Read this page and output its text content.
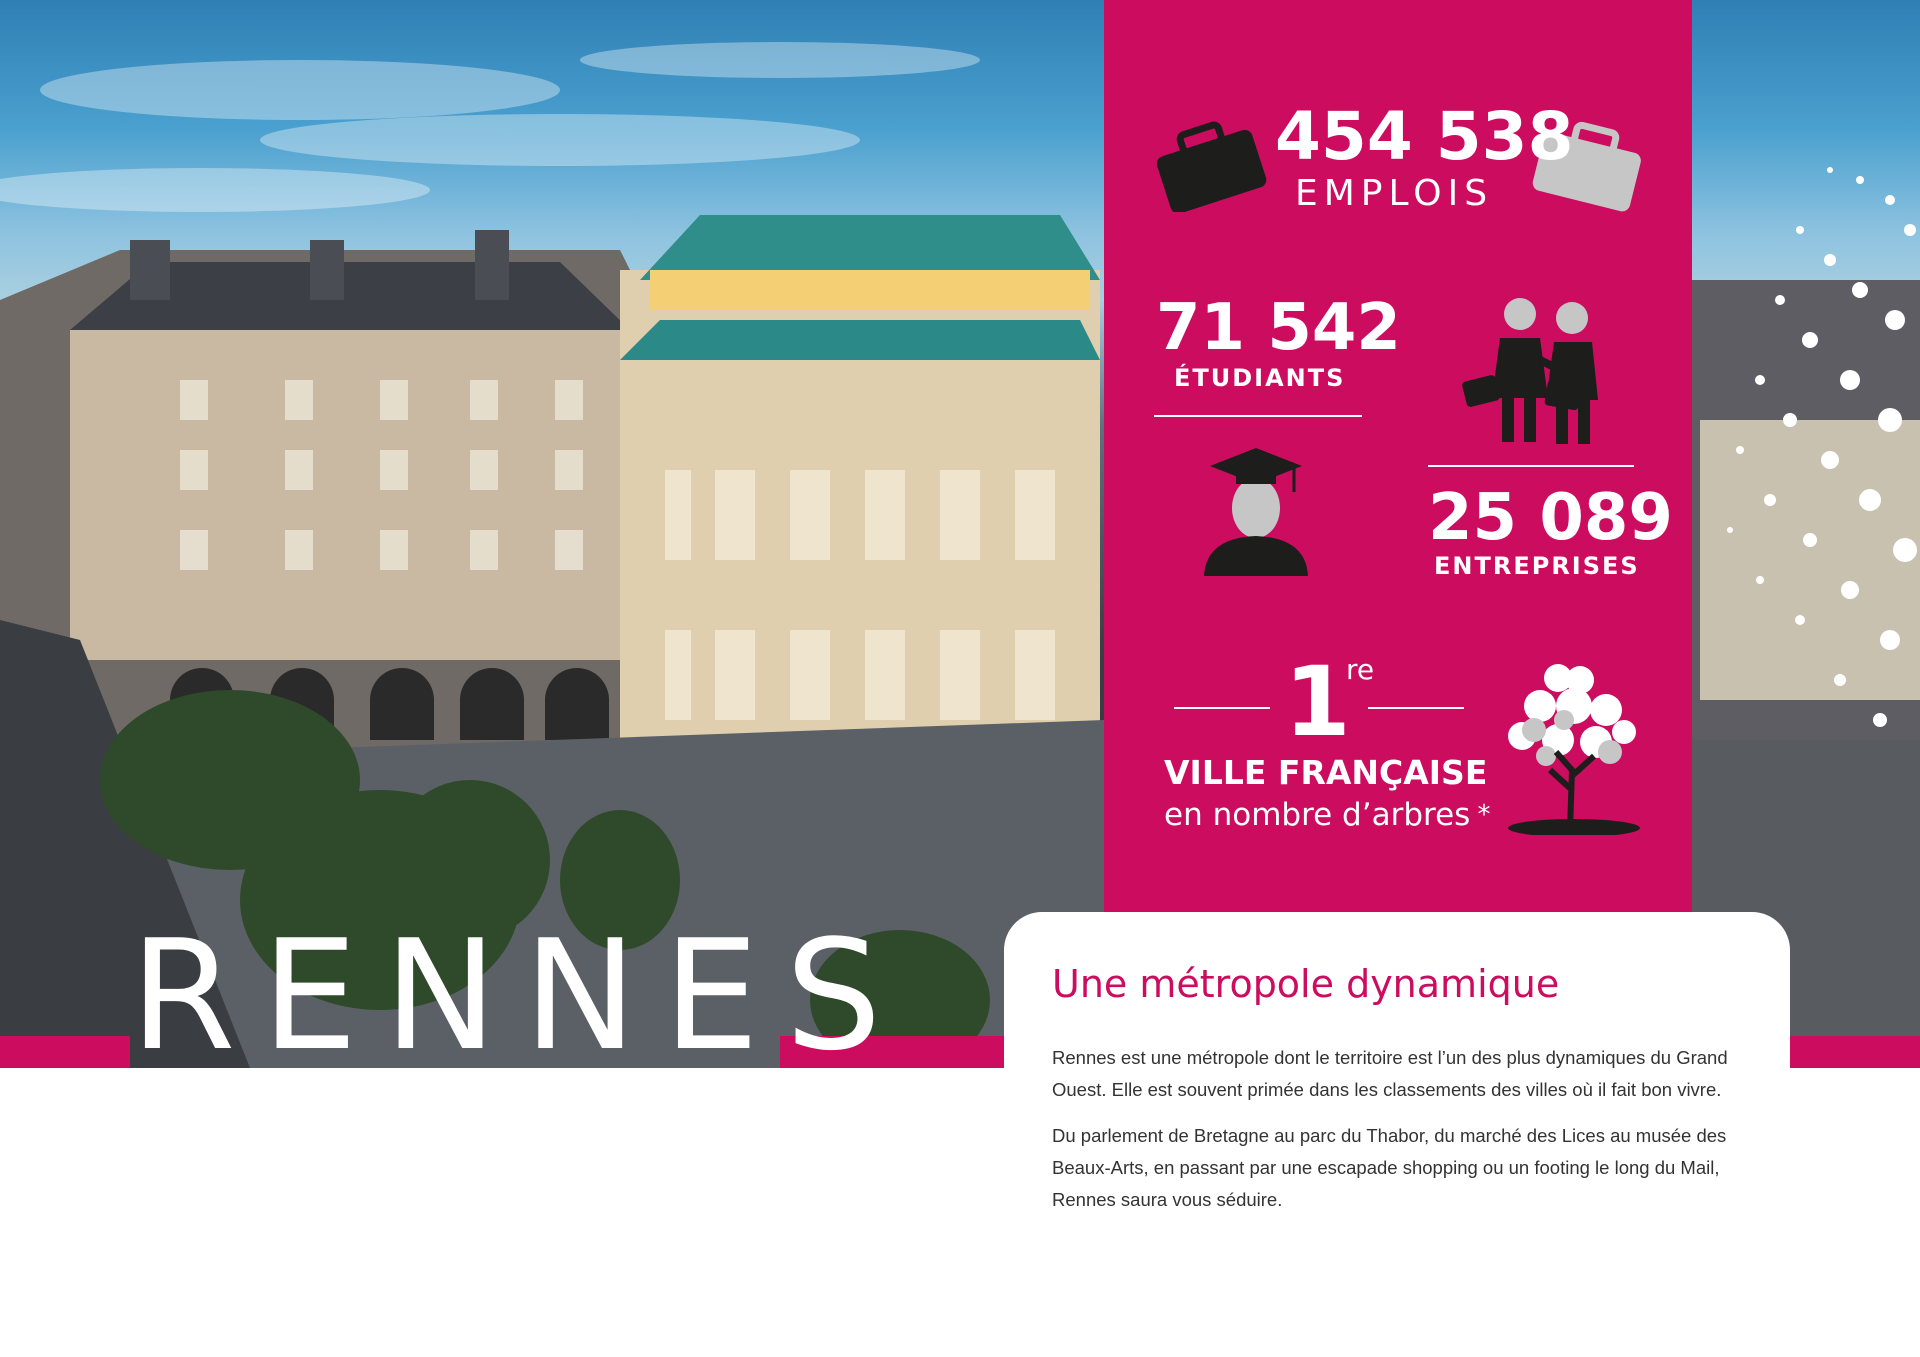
RENNES
454 538
EMPLOIS
71 542
ÉTUDIANTS
25 089
ENTREPRISES
1
re
VILLE FRANÇAISE
en nombre d’arbres *
Une métropole dynamique

Rennes est une métropole dont le territoire est l’un des plus dynamiques du Grand Ouest. Elle est souvent primée dans les classements des villes où il fait bon vivre.

Du parlement de Bretagne au parc du Thabor, du marché des Lices au musée des Beaux-Arts, en passant par une escapade shopping ou un footing le long du Mail, Rennes saura vous séduire.
